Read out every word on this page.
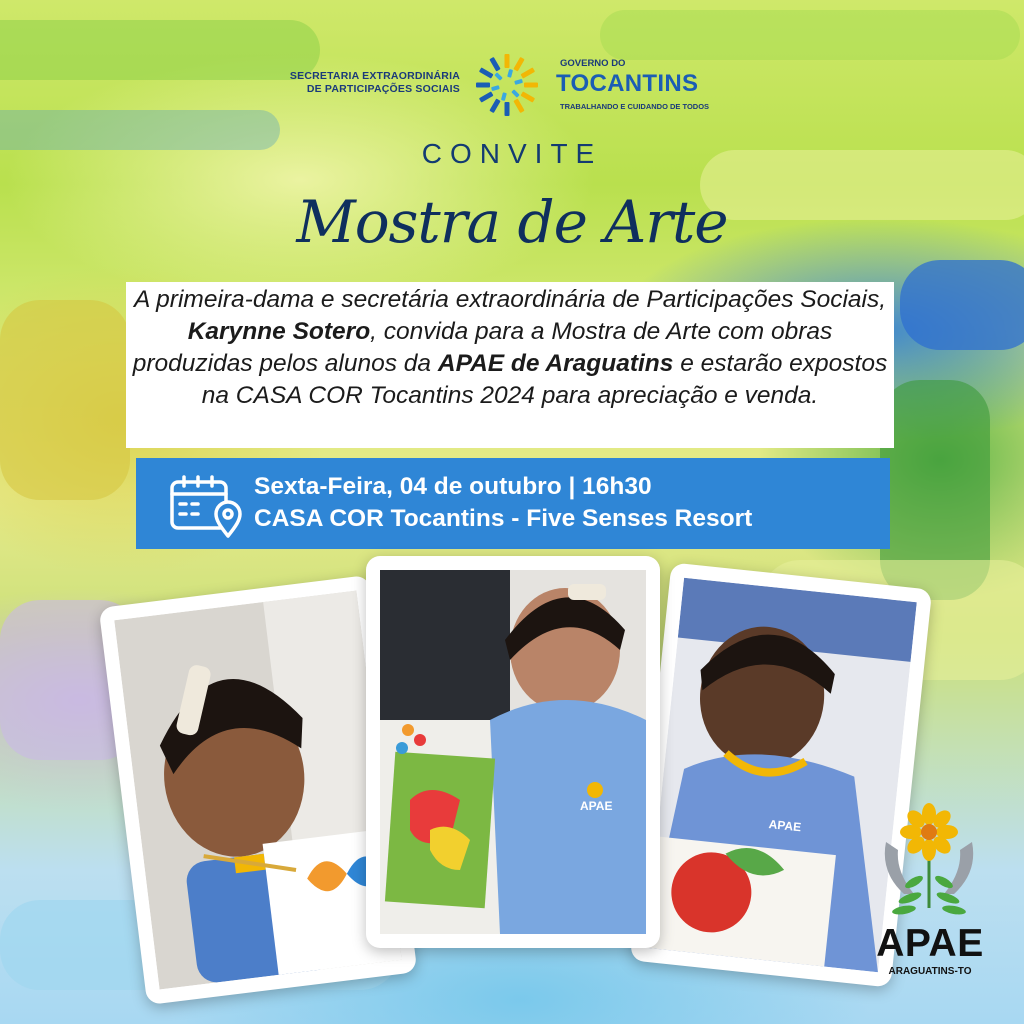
SECRETARIA EXTRAORDINÁRIA
DE PARTICIPAÇÕES SOCIAIS
GOVERNO DO
TOCANTINS
TRABALHANDO E CUIDANDO DE TODOS
CONVITE
Mostra de Arte
A primeira-dama e secretária extraordinária de Participações Sociais, Karynne Sotero, convida para a Mostra de Arte com obras produzidas pelos alunos da APAE de Araguatins e estarão expostos na CASA COR Tocantins 2024 para apreciação e venda.
Sexta-Feira, 04 de outubro | 16h30
CASA COR Tocantins - Five Senses Resort
APAE
APAE
APAE
ARAGUATINS-TO
